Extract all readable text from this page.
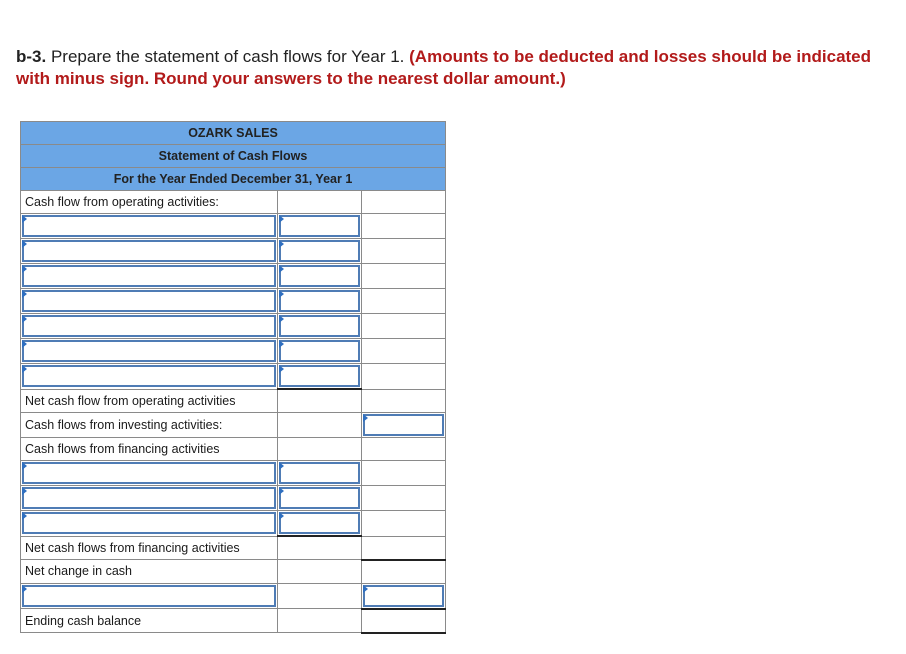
b-3. Prepare the statement of cash flows for Year 1. (Amounts to be deducted and losses should be indicated with minus sign. Round your answers to the nearest dollar amount.)
OZARK SALES		
Statement of Cash Flows		
For the Year Ended December 31, Year 1		
Cash flow from operating activities:		

Net cash flow from operating activities		
Cash flows from investing activities:		

Cash flows from financing activities		

Net cash flows from financing activities		
Net change in cash		

Ending cash balance		
